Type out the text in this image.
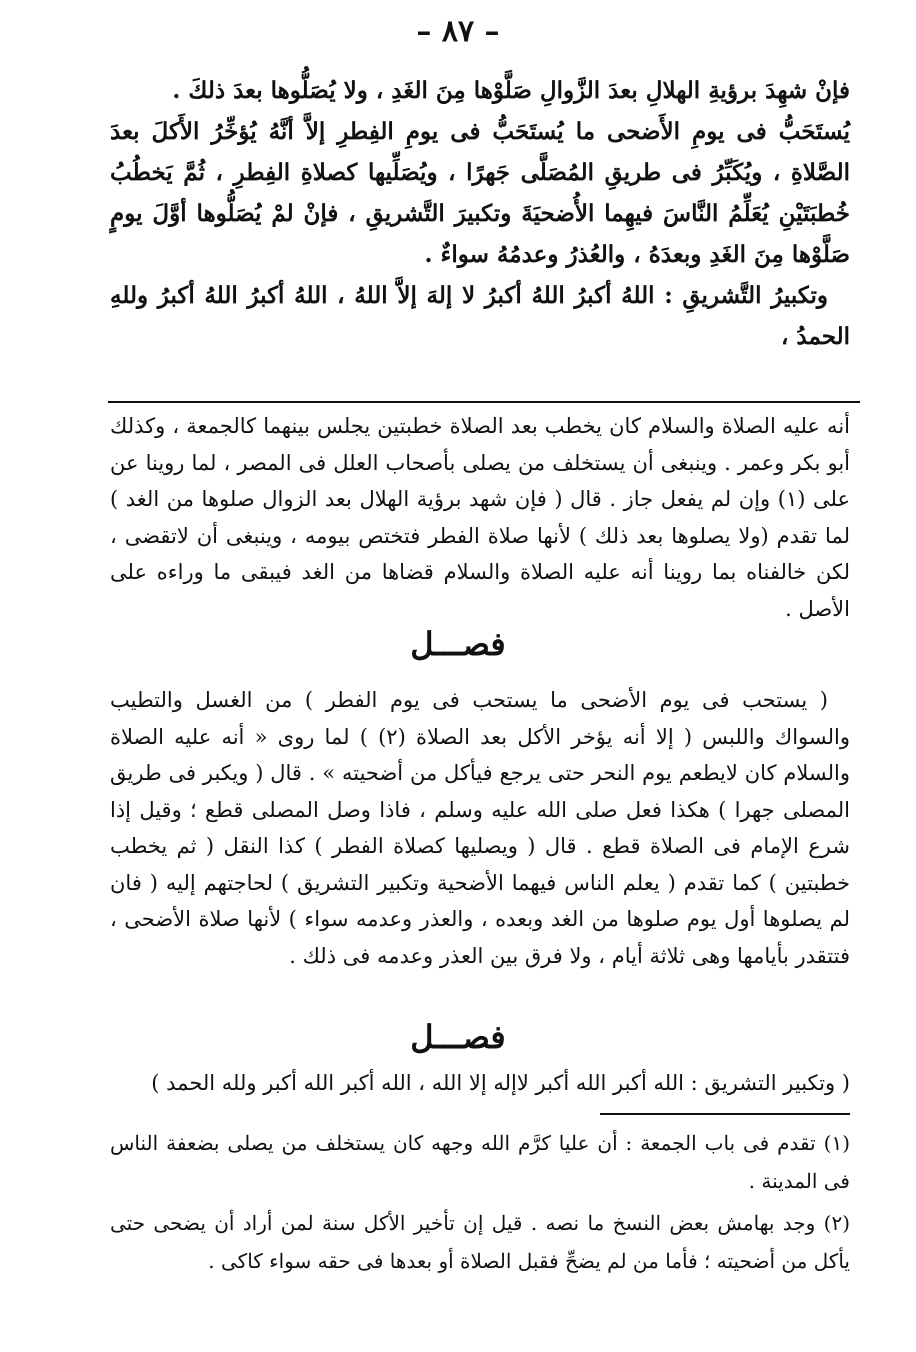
– ٨٧ –

فإنْ شهِدَ برؤيةِ الهلالِ بعدَ الزَّوالِ صَلَّوْها مِنَ الغَدِ ، ولا يُصَلُّوها بعدَ ذلكَ .

يُستَحَبُّ فى يومِ الأَضحى ما يُستَحَبُّ فى يومِ الفِطرِ إلاَّ أنَّهُ يُؤخِّرُ الأَكلَ بعدَ الصَّلاةِ ، ويُكَبِّرُ فى طريقِ المُصَلَّى جَهرًا ، ويُصَلِّيها كصلاةِ الفِطرِ ، ثُمَّ يَخطُبُ خُطبَتَيْنِ يُعَلِّمُ النَّاسَ فيهِما الأُضحيَةَ وتكبيرَ التَّشريقِ ، فإنْ لمْ يُصَلُّوها أوَّلَ يومٍ صَلَّوْها مِنَ الغَدِ وبعدَهُ ، والعُذرُ وعدمُهُ سواءٌ .

وتكبيرُ التَّشريقِ : اللهُ أكبرُ اللهُ أكبرُ لا إلهَ إلاَّ اللهُ ، اللهُ أكبرُ اللهُ أكبرُ وللهِ الحمدُ ،

أنه عليه الصلاة والسلام كان يخطب بعد الصلاة خطبتين يجلس بينهما كالجمعة ، وكذلك أبو بكر وعمر . وينبغى أن يستخلف من يصلى بأصحاب العلل فى المصر ، لما روينا عن على (١) وإن لم يفعل جاز . قال ( فإن شهد برؤية الهلال بعد الزوال صلوها من الغد ) لما تقدم (ولا يصلوها بعد ذلك ) لأنها صلاة الفطر فتختص بيومه ، وينبغى أن لاتقضى ، لكن خالفناه بما روينا أنه عليه الصلاة والسلام قضاها من الغد فيبقى ما وراءه على الأصل .

فصـــل

( يستحب فى يوم الأضحى ما يستحب فى يوم الفطر ) من الغسل والتطيب والسواك واللبس ( إلا أنه يؤخر الأكل بعد الصلاة (٢) ) لما روى « أنه عليه الصلاة والسلام كان لايطعم يوم النحر حتى يرجع فيأكل من أضحيته » . قال ( ويكبر فى طريق المصلى جهرا ) هكذا فعل صلى الله عليه وسلم ، فاذا وصل المصلى قطع ؛ وقيل إذا شرع الإمام فى الصلاة قطع . قال ( ويصليها كصلاة الفطر ) كذا النقل ( ثم يخطب خطبتين ) كما تقدم ( يعلم الناس فيهما الأضحية وتكبير التشريق ) لحاجتهم إليه ( فان لم يصلوها أول يوم صلوها من الغد وبعده ، والعذر وعدمه سواء ) لأنها صلاة الأضحى ، فتتقدر بأيامها وهى ثلاثة أيام ، ولا فرق بين العذر وعدمه فى ذلك .

فصـــل

( وتكبير التشريق : الله أكبر الله أكبر لاإله إلا الله ، الله أكبر الله أكبر ولله الحمد )

(١) تقدم فى باب الجمعة : أن عليا كرَّم الله وجهه كان يستخلف من يصلى بضعفة الناس فى المدينة .

(٢) وجد بهامش بعض النسخ ما نصه . قيل إن تأخير الأكل سنة لمن أراد أن يضحى حتى يأكل من أضحيته ؛ فأما من لم يضحِّ فقبل الصلاة أو بعدها فى حقه سواء كاكى .
